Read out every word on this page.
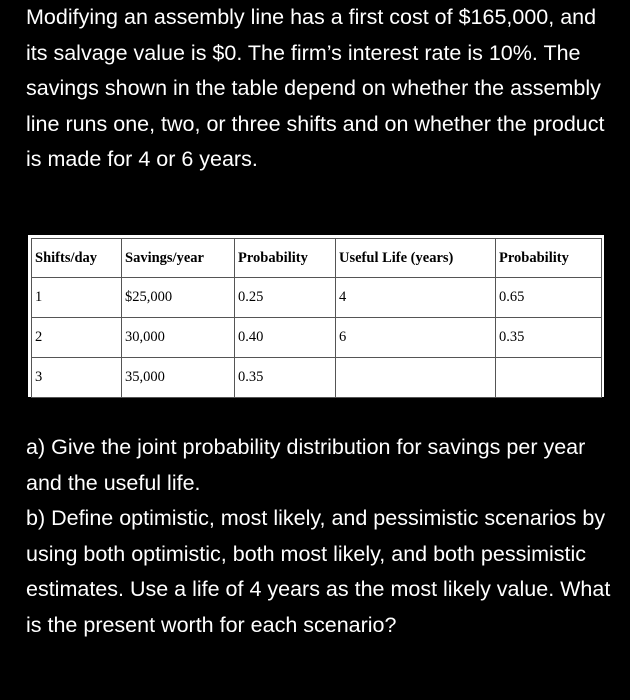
Modifying an assembly line has a first cost of $165,000, and its salvage value is $0. The firm’s interest rate is 10%. The savings shown in the table depend on whether the assembly line runs one, two, or three shifts and on whether the product is made for 4 or 6 years.

Shifts/day	Savings/year	Probability	Useful Life (years)	Probability
1	$25,000	0.25	4	0.65
2	30,000	0.40	6	0.35
3	35,000	0.35		

a) Give the joint probability distribution for savings per year and the useful life.

b) Define optimistic, most likely, and pessimistic scenarios by using both optimistic, both most likely, and both pessimistic estimates. Use a life of 4 years as the most likely value. What is the present worth for each scenario?
